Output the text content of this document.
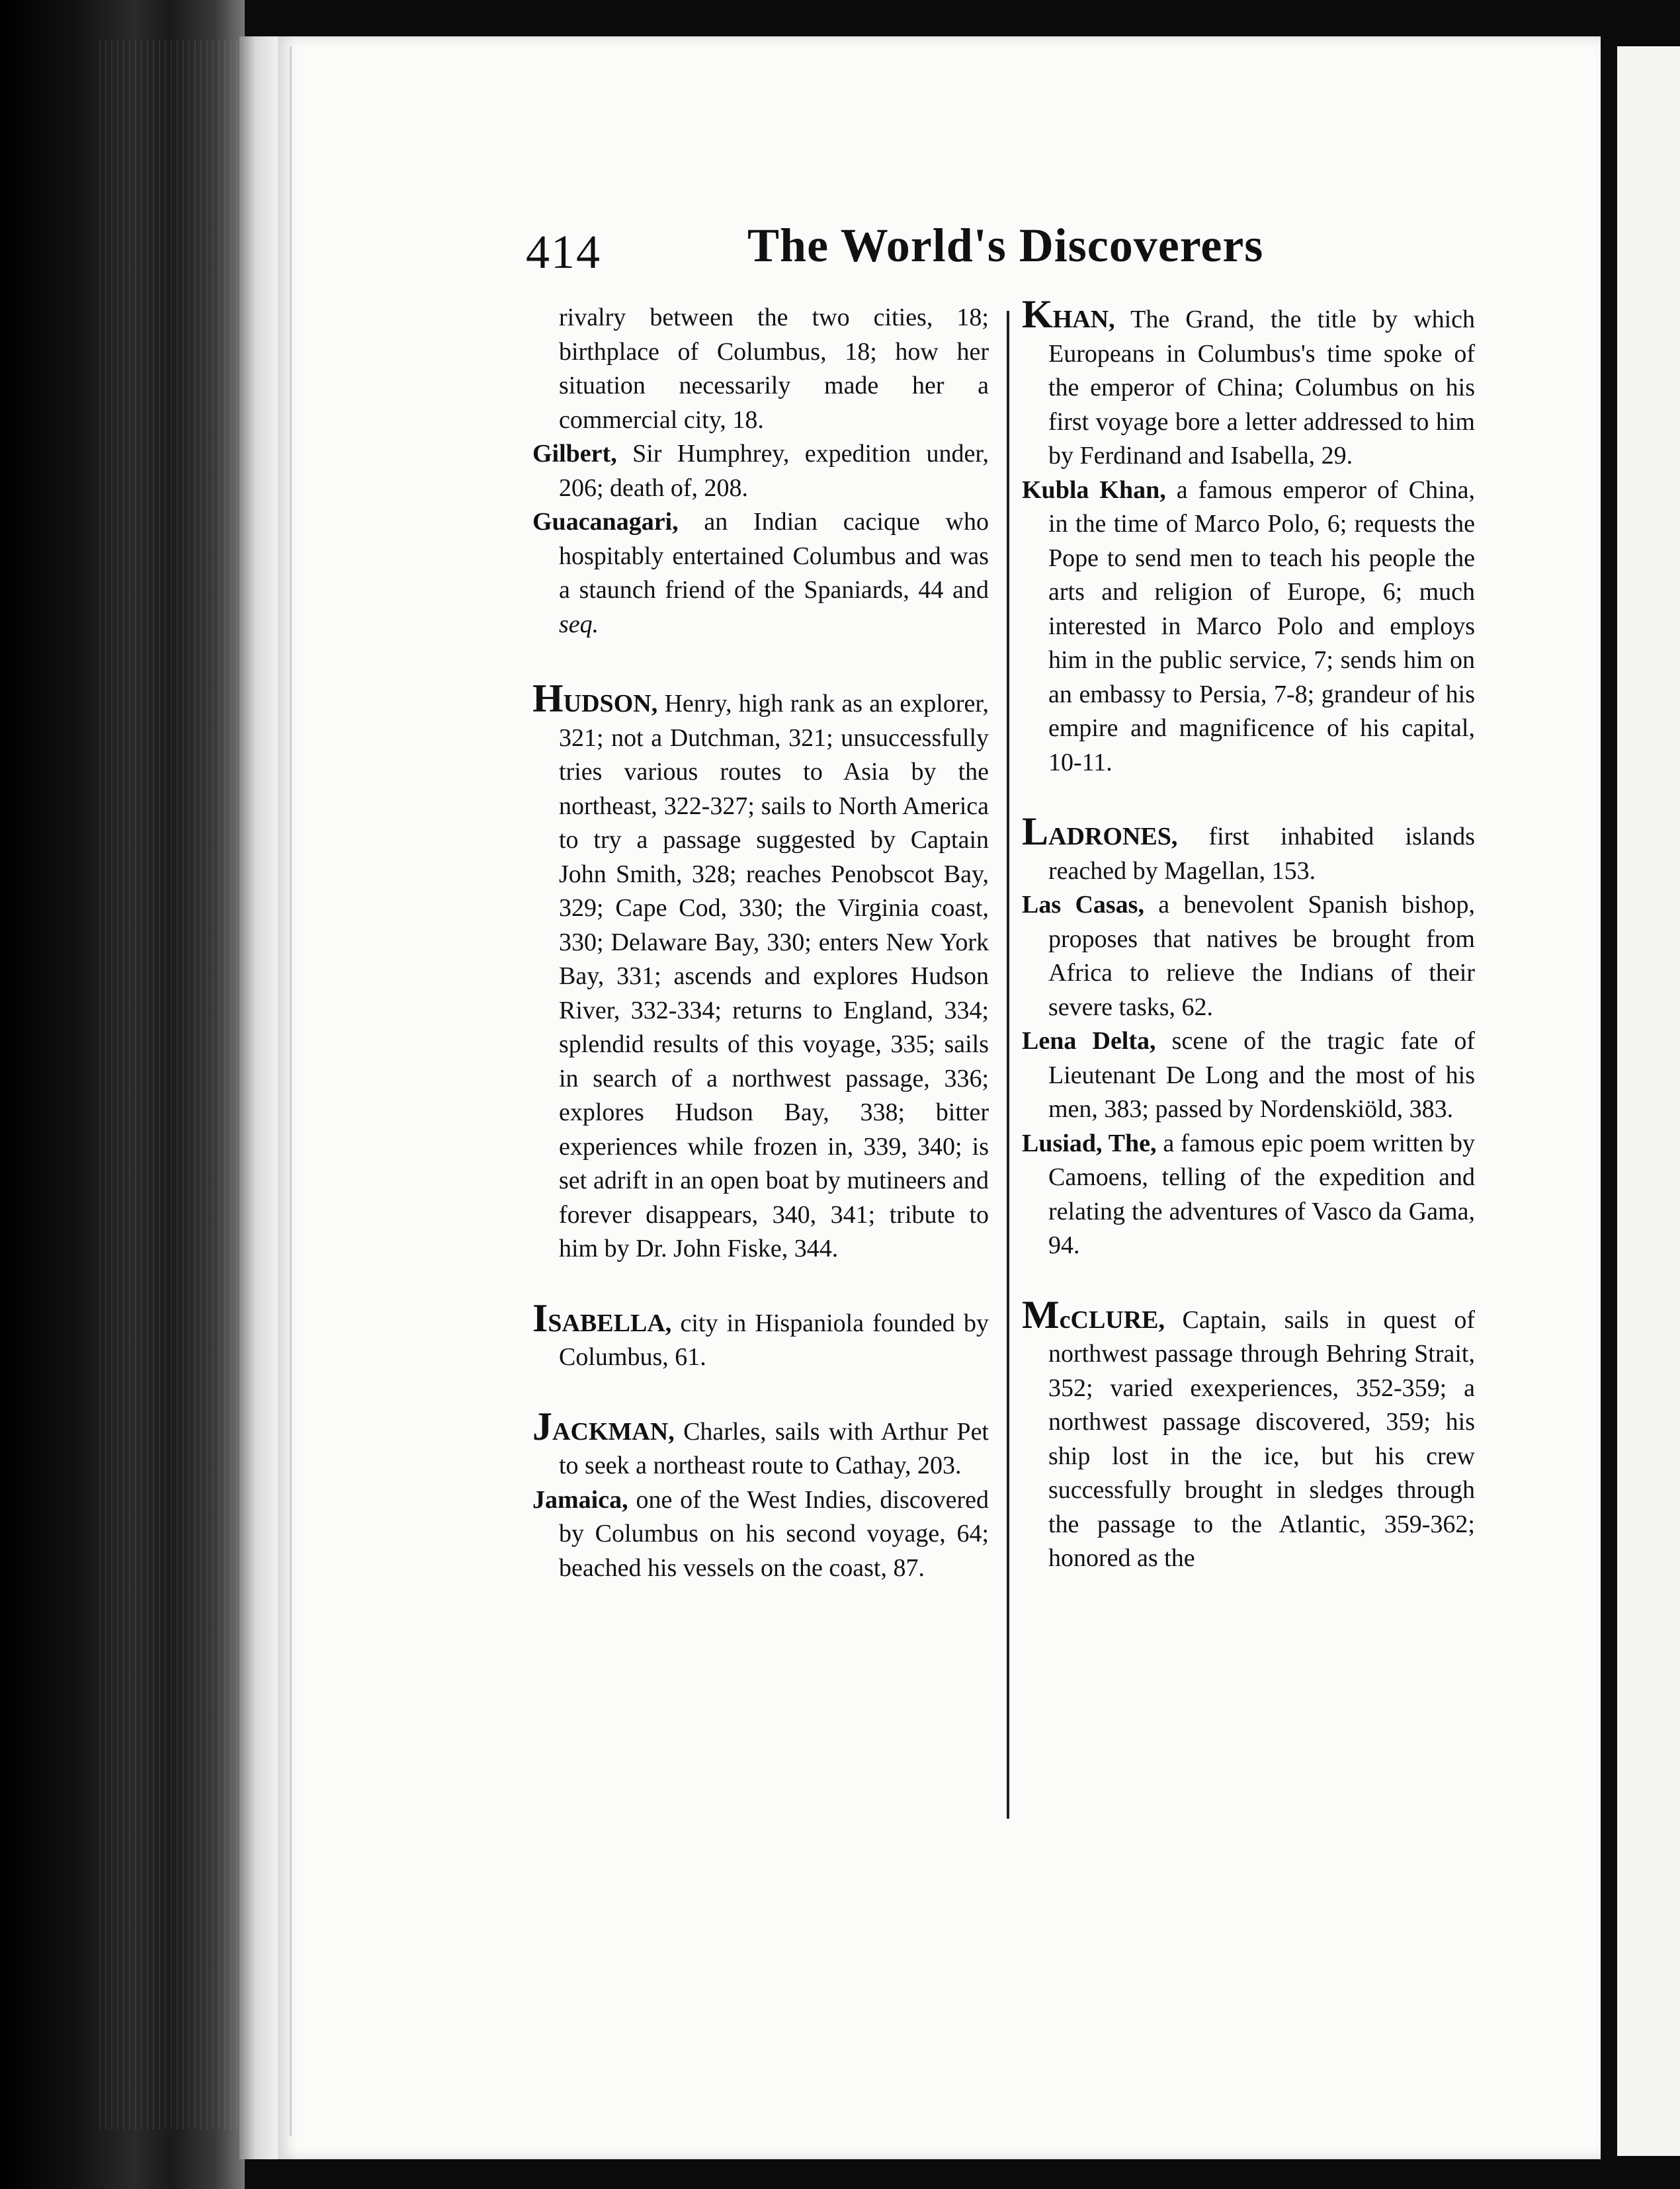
414	The World's Discoverers

rivalry between the two cities, 18; birthplace of Columbus, 18; how her situation necessarily made her a commercial city, 18.

Gilbert, Sir Humphrey, expedition under, 206; death of, 208.

Guacanagari, an Indian cacique who hospitably entertained Columbus and was a staunch friend of the Spaniards, 44 and seq.

HUDSON, Henry, high rank as an explorer, 321; not a Dutchman, 321; unsuccessfully tries various routes to Asia by the northeast, 322-327; sails to North America to try a passage suggested by Captain John Smith, 328; reaches Penobscot Bay, 329; Cape Cod, 330; the Virginia coast, 330; Delaware Bay, 330; enters New York Bay, 331; ascends and explores Hudson River, 332-334; returns to England, 334; splendid results of this voyage, 335; sails in search of a northwest passage, 336; explores Hudson Bay, 338; bitter experiences while frozen in, 339, 340; is set adrift in an open boat by mutineers and forever disappears, 340, 341; tribute to him by Dr. John Fiske, 344.

ISABELLA, city in Hispaniola founded by Columbus, 61.

JACKMAN, Charles, sails with Arthur Pet to seek a northeast route to Cathay, 203.

Jamaica, one of the West Indies, discovered by Columbus on his second voyage, 64; beached his vessels on the coast, 87.

KHAN, The Grand, the title by which Europeans in Columbus's time spoke of the emperor of China; Columbus on his first voyage bore a letter addressed to him by Ferdinand and Isabella, 29.

Kubla Khan, a famous emperor of China, in the time of Marco Polo, 6; requests the Pope to send men to teach his people the arts and religion of Europe, 6; much interested in Marco Polo and employs him in the public service, 7; sends him on an embassy to Persia, 7-8; grandeur of his empire and magnificence of his capital, 10-11.

LADRONES, first inhabited islands reached by Magellan, 153.

Las Casas, a benevolent Spanish bishop, proposes that natives be brought from Africa to relieve the Indians of their severe tasks, 62.

Lena Delta, scene of the tragic fate of Lieutenant De Long and the most of his men, 383; passed by Nordenskiöld, 383.

Lusiad, The, a famous epic poem written by Camoens, telling of the expedition and relating the adventures of Vasco da Gama, 94.

McCLURE, Captain, sails in quest of northwest passage through Behring Strait, 352; varied exexperiences, 352-359; a northwest passage discovered, 359; his ship lost in the ice, but his crew successfully brought in sledges through the passage to the Atlantic, 359-362; honored as the
